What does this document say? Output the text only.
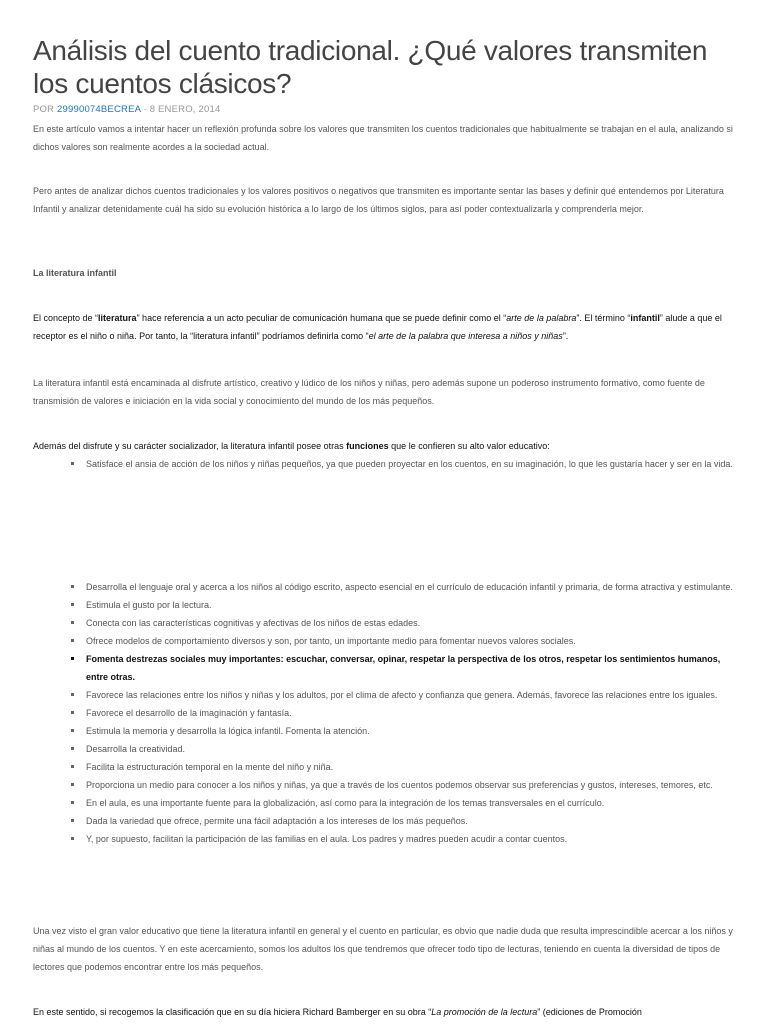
Análisis del cuento tradicional. ¿Qué valores transmiten los cuentos clásicos?
POR 29990074BECREA · 8 ENERO, 2014

En este artículo vamos a intentar hacer un reflexión profunda sobre los valores que transmiten los cuentos tradicionales que habitualmente se trabajan en el aula, analizando si dichos valores son realmente acordes a la sociedad actual.

Pero antes de analizar dichos cuentos tradicionales y los valores positivos o negativos que transmiten es importante sentar las bases y definir qué entendemos por Literatura Infantil y analizar detenidamente cuál ha sido su evolución histórica a lo largo de los últimos siglos, para así poder contextualizarla y comprenderla mejor.

La literatura infantil

El concepto de “literatura” hace referencia a un acto peculiar de comunicación humana que se puede definir como el “arte de la palabra”. El término “infantil” alude a que el receptor es el niño o niña. Por tanto, la “literatura infantil” podríamos definirla como “el arte de la palabra que interesa a niños y niñas”.

La literatura infantil está encaminada al disfrute artístico, creativo y lúdico de los niños y niñas, pero además supone un poderoso instrumento formativo, como fuente de transmisión de valores e iniciación en la vida social y conocimiento del mundo de los más pequeños.

Además del disfrute y su carácter socializador, la literatura infantil posee otras funciones que le confieren su alto valor educativo:

Satisface el ansia de acción de los niños y niñas pequeños, ya que pueden proyectar en los cuentos, en su imaginación, lo que les gustaría hacer y ser en la vida.
Desarrolla el lenguaje oral y acerca a los niños al código escrito, aspecto esencial en el currículo de educación infantil y primaria, de forma atractiva y estimulante.
Estimula el gusto por la lectura.
Conecta con las características cognitivas y afectivas de los niños de estas edades.
Ofrece modelos de comportamiento diversos y son, por tanto, un importante medio para fomentar nuevos valores sociales.
Fomenta destrezas sociales muy importantes: escuchar, conversar, opinar, respetar la perspectiva de los otros, respetar los sentimientos humanos, entre otras.
Favorece las relaciones entre los niños y niñas y los adultos, por el clima de afecto y confianza que genera. Además, favorece las relaciones entre los iguales.
Favorece el desarrollo de la imaginación y fantasía.
Estimula la memoria y desarrolla la lógica infantil. Fomenta la atención.
Desarrolla la creatividad.
Facilita la estructuración temporal en la mente del niño y niña.
Proporciona un medio para conocer a los niños y niñas, ya que a través de los cuentos podemos observar sus preferencias y gustos, intereses, temores, etc.
En el aula, es una importante fuente para la globalización, así como para la integración de los temas transversales en el currículo.
Dada la variedad que ofrece, permite una fácil adaptación a los intereses de los más pequeños.
Y, por supuesto, facilitan la participación de las familias en el aula. Los padres y madres pueden acudir a contar cuentos.

Una vez visto el gran valor educativo que tiene la literatura infantil en general y el cuento en particular, es obvio que nadie duda que resulta imprescindible acercar a los niños y niñas al mundo de los cuentos. Y en este acercamiento, somos los adultos los que tendremos que ofrecer todo tipo de lecturas, teniendo en cuenta la diversidad de tipos de lectores que podemos encontrar entre los más pequeños.

En este sentido, si recogemos la clasificación que en su día hiciera Richard Bamberger en su obra “La promoción de la lectura” (ediciones de Promoción
